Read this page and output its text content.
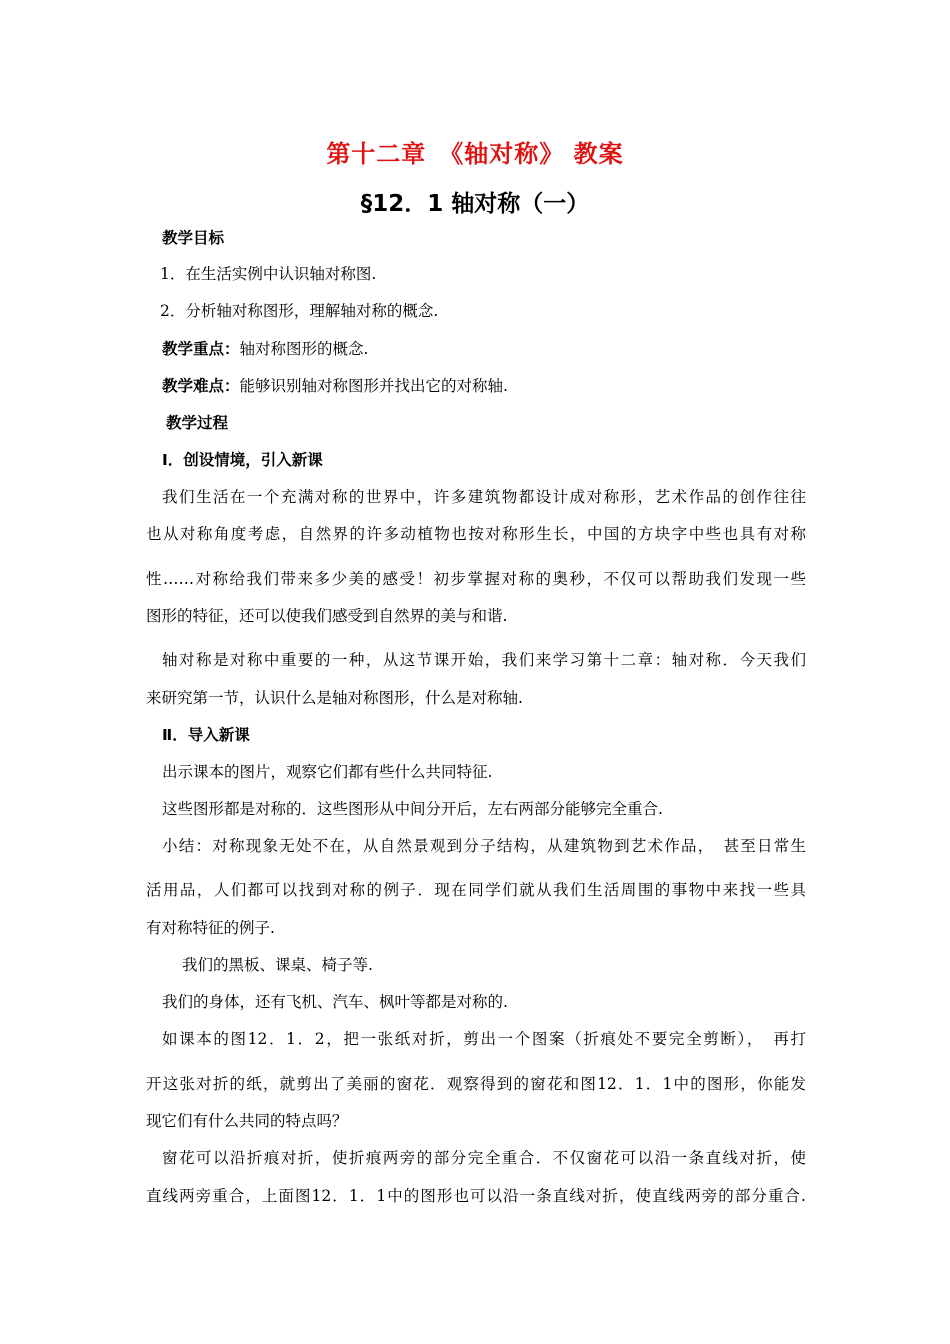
第十二章　《轴对称》 教案
§12．1 轴对称（一）
教学目标
1．在生活实例中认识轴对称图.
2．分析轴对称图形，理解轴对称的概念.
教学重点：轴对称图形的概念.
教学难点：能够识别轴对称图形并找出它的对称轴.
教学过程
Ⅰ．创设情境，引入新课
我们生活在一个充满对称的世界中，许多建筑物都设计成对称形，艺术作品的创作往往
也从对称角度考虑，自然界的许多动植物也按对称形生长，中国的方块字中些也具有对称
性……对称给我们带来多少美的感受！初步掌握对称的奥秒，不仅可以帮助我们发现一些
图形的特征，还可以使我们感受到自然界的美与和谐.
轴对称是对称中重要的一种，从这节课开始，我们来学习第十二章：轴对称．今天我们
来研究第一节，认识什么是轴对称图形，什么是对称轴.
Ⅱ．导入新课
出示课本的图片，观察它们都有些什么共同特征.
这些图形都是对称的．这些图形从中间分开后，左右两部分能够完全重合.
小结：对称现象无处不在，从自然景观到分子结构，从建筑物到艺术作品，　甚至日常生
活用品，人们都可以找到对称的例子．现在同学们就从我们生活周围的事物中来找一些具
有对称特征的例子.
我们的黑板、课桌、椅子等.
我们的身体，还有飞机、汽车、枫叶等都是对称的.
如课本的图12．1．2，把一张纸对折，剪出一个图案（折痕处不要完全剪断），　再打
开这张对折的纸，就剪出了美丽的窗花．观察得到的窗花和图12．1．1中的图形，你能发
现它们有什么共同的特点吗？
窗花可以沿折痕对折，使折痕两旁的部分完全重合．不仅窗花可以沿一条直线对折，使
直线两旁重合，上面图12．1．1中的图形也可以沿一条直线对折，使直线两旁的部分重合.
